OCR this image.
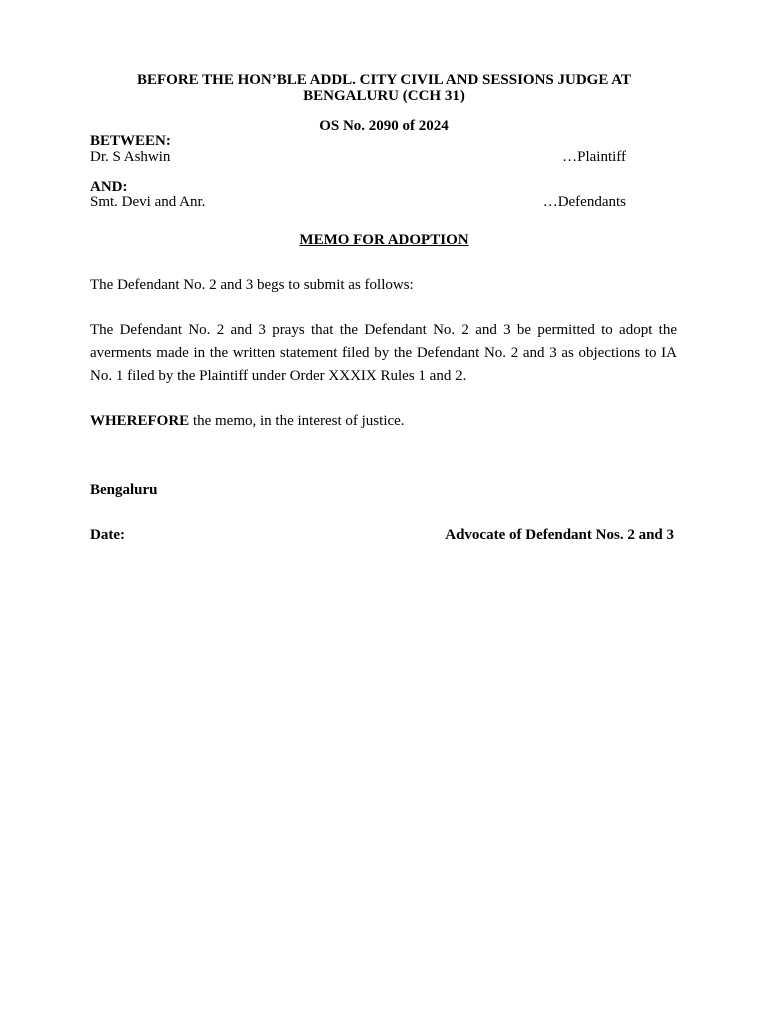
BEFORE THE HON’BLE ADDL. CITY CIVIL AND SESSIONS JUDGE AT
BENGALURU (CCH 31)
OS No. 2090 of 2024
BETWEEN:
Dr. S Ashwin	…Plaintiff
AND:
Smt. Devi and Anr.	…Defendants
MEMO FOR ADOPTION
The Defendant No. 2 and 3 begs to submit as follows:
The Defendant No. 2 and 3 prays that the Defendant No. 2 and 3 be permitted to adopt the averments made in the written statement filed by the Defendant No. 2 and 3 as objections to IA No. 1 filed by the Plaintiff under Order XXXIX Rules 1 and 2.
WHEREFORE the memo, in the interest of justice.
Bengaluru
Date:	Advocate of Defendant Nos. 2 and 3
